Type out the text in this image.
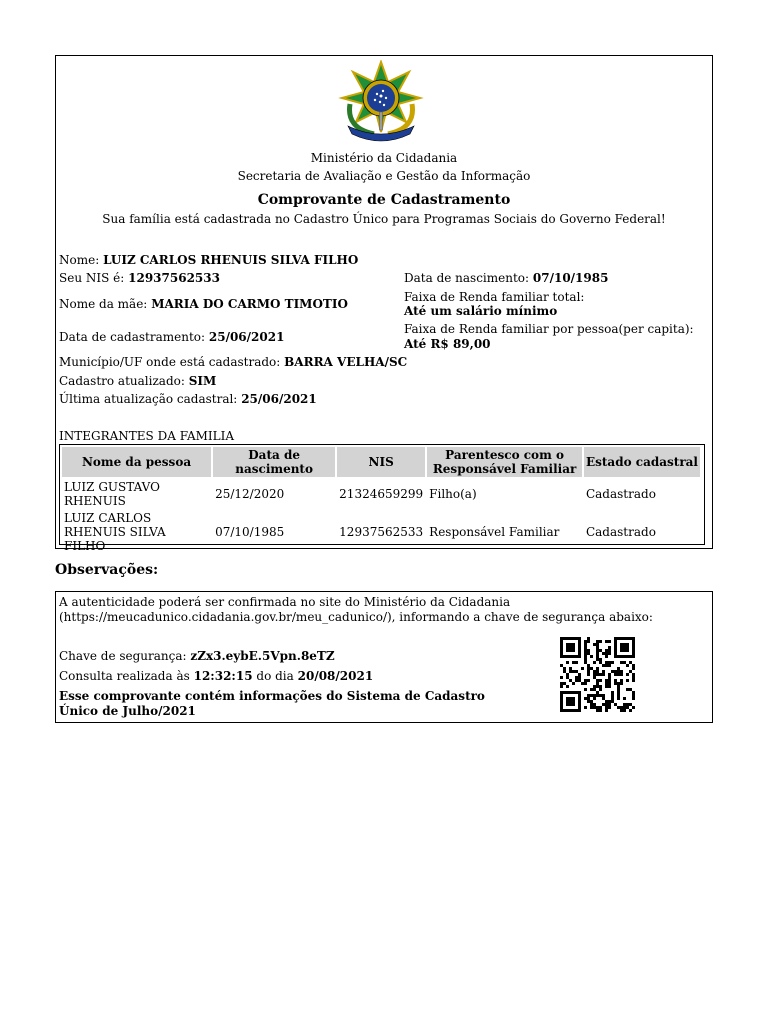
Ministério da Cidadania
Secretaria de Avaliação e Gestão da Informação
Comprovante de Cadastramento
Sua família está cadastrada no Cadastro Único para Programas Sociais do Governo Federal!
Nome: LUIZ CARLOS RHENUIS SILVA FILHO
Seu NIS é: 12937562533	Data de nascimento: 07/10/1985
Faixa de Renda familiar total:
Até um salário mínimo
Nome da mãe: MARIA DO CARMO TIMOTIO
Faixa de Renda familiar por pessoa(per capita):
Até R$ 89,00
Data de cadastramento: 25/06/2021
Município/UF onde está cadastrado: BARRA VELHA/SC
Cadastro atualizado: SIM
Última atualização cadastral: 25/06/2021
INTEGRANTES DA FAMILIA
Nome da pessoa	Data de nascimento	NIS	Parentesco com o Responsável Familiar	Estado cadastral
LUIZ GUSTAVO RHENUIS	25/12/2020	21324659299	Filho(a)	Cadastrado
LUIZ CARLOS RHENUIS SILVA FILHO	07/10/1985	12937562533	Responsável Familiar	Cadastrado
Observações:
A autenticidade poderá ser confirmada no site do Ministério da Cidadania
(https://meucadunico.cidadania.gov.br/meu_cadunico/), informando a chave de segurança abaixo:
Chave de segurança: zZx3.eybE.5Vpn.8eTZ
Consulta realizada às 12:32:15 do dia 20/08/2021
Esse comprovante contém informações do Sistema de Cadastro
Único de Julho/2021
